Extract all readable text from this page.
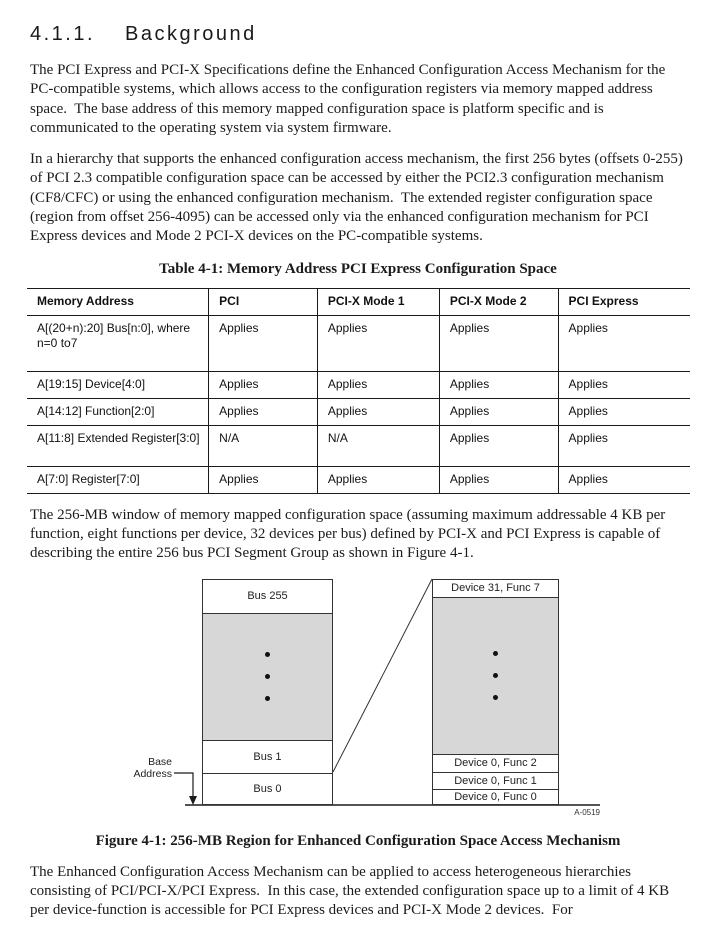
4.1.1. Background

The PCI Express and PCI-X Specifications define the Enhanced Configuration Access Mechanism for the PC-compatible systems, which allows access to the configuration registers via memory mapped address space.  The base address of this memory mapped configuration space is platform specific and is communicated to the operating system via system firmware.

In a hierarchy that supports the enhanced configuration access mechanism, the first 256 bytes (offsets 0-255) of PCI 2.3 compatible configuration space can be accessed by either the PCI2.3 configuration mechanism (CF8/CFC) or using the enhanced configuration mechanism.  The extended register configuration space (region from offset 256-4095) can be accessed only via the enhanced configuration mechanism for PCI Express devices and Mode 2 PCI-X devices on the PC-compatible systems.

Table 4-1: Memory Address PCI Express Configuration Space
Memory Address	PCI	PCI-X Mode 1	PCI-X Mode 2	PCI Express
A[(20+n):20] Bus[n:0], where n=0 to7	Applies	Applies	Applies	Applies
A[19:15] Device[4:0]	Applies	Applies	Applies	Applies
A[14:12] Function[2:0]	Applies	Applies	Applies	Applies
A[11:8] Extended Register[3:0]	N/A	N/A	Applies	Applies
A[7:0] Register[7:0]	Applies	Applies	Applies	Applies

The 256-MB window of memory mapped configuration space (assuming maximum addressable 4 KB per function, eight functions per device, 32 devices per bus) defined by PCI-X and PCI Express is capable of describing the entire 256 bus PCI Segment Group as shown in Figure 4-1.

Bus 255
Bus 1
Bus 0
Device 31, Func 7
Device 0, Func 2
Device 0, Func 1
Device 0, Func 0
Base
Address
A-0519
Figure 4-1: 256-MB Region for Enhanced Configuration Space Access Mechanism

The Enhanced Configuration Access Mechanism can be applied to access heterogeneous hierarchies consisting of PCI/PCI-X/PCI Express.  In this case, the extended configuration space up to a limit of 4 KB per device-function is accessible for PCI Express devices and PCI-X Mode 2 devices.  For
